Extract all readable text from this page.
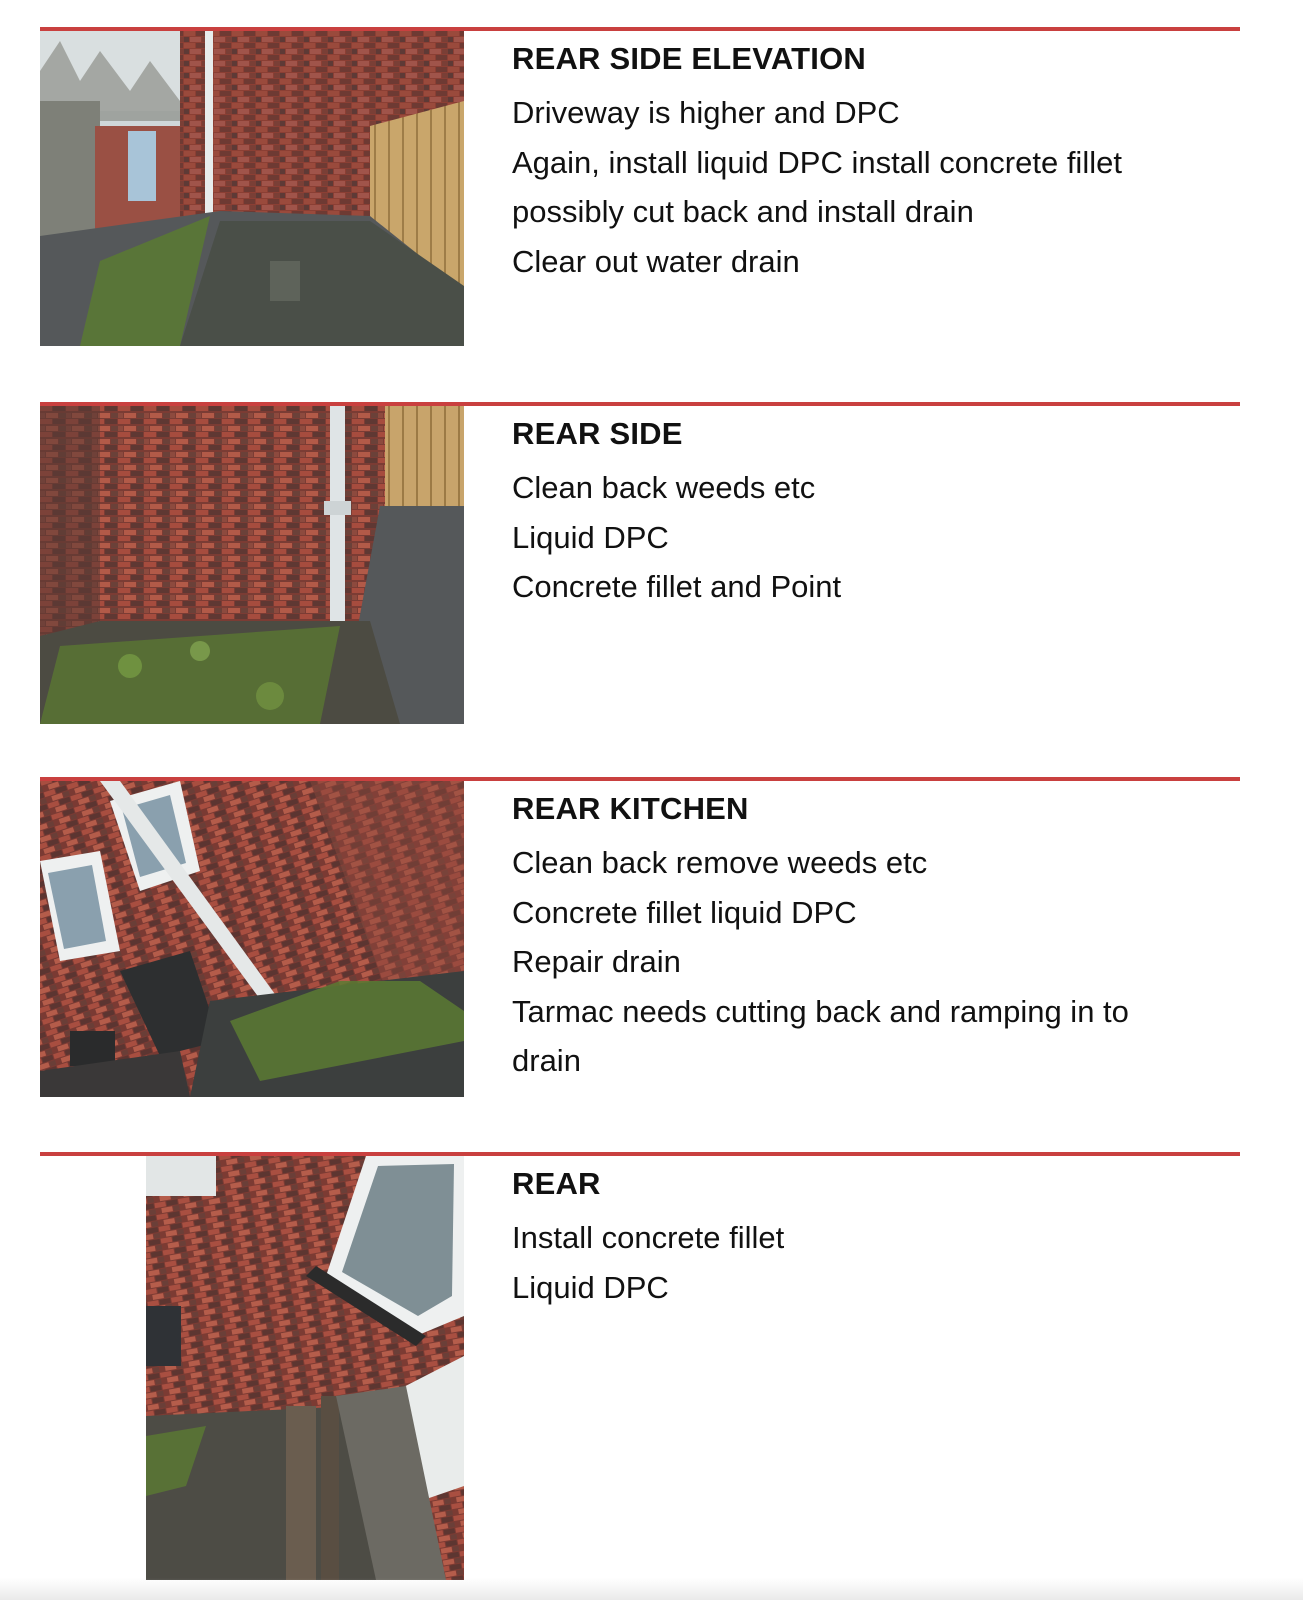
REAR SIDE ELEVATION

Driveway is higher and DPC

Again, install liquid DPC install concrete fillet

possibly cut back and install drain

Clear out water drain

REAR SIDE

Clean back weeds etc

Liquid DPC

Concrete fillet and Point

REAR KITCHEN

Clean back remove weeds etc

Concrete fillet liquid DPC

Repair drain

Tarmac needs cutting back and ramping in to

drain

REAR

Install concrete fillet

Liquid DPC
